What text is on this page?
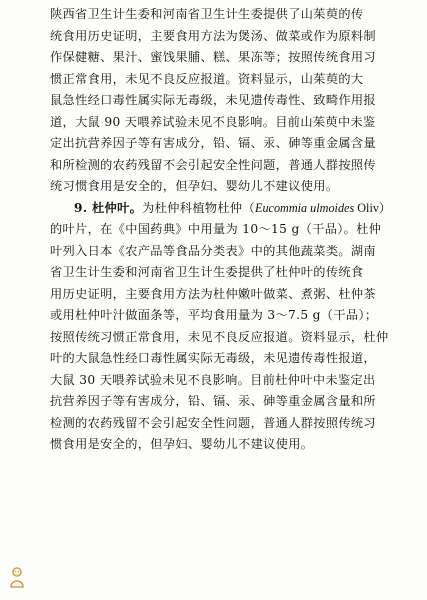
陕西省卫生计生委和河南省卫生计生委提供了山茱萸的传
统食用历史证明，主要食用方法为煲汤、做菜或作为原料制
作保健糖、果汁、蜜饯果脯、糕、果冻等；按照传统食用习
惯正常食用，未见不良反应报道。资料显示，山茱萸的大
鼠急性经口毒性属实际无毒级，未见遗传毒性、致畸作用报
道，大鼠 90 天喂养试验未见不良影响。目前山茱萸中未鉴
定出抗营养因子等有害成分，铅、镉、汞、砷等重金属含量
和所检测的农药残留不会引起安全性问题，普通人群按照传
统习惯食用是安全的，但孕妇、婴幼儿不建议使用。
9. 杜仲叶。为杜仲科植物杜仲（Eucommia ulmoides Oliv）
的叶片，在《中国药典》中用量为 10～15 g（干品）。杜仲
叶列入日本《农产品等食品分类表》中的其他蔬菜类。湖南
省卫生计生委和河南省卫生计生委提供了杜仲叶的传统食
用历史证明，主要食用方法为杜仲嫩叶做菜、煮粥、杜仲茶
或用杜仲叶汁做面条等，平均食用量为 3～7.5 g（干品）；
按照传统习惯正常食用，未见不良反应报道。资料显示，杜仲
叶的大鼠急性经口毒性属实际无毒级，未见遗传毒性报道，
大鼠 30 天喂养试验未见不良影响。目前杜仲叶中未鉴定出
抗营养因子等有害成分，铅、镉、汞、砷等重金属含量和所
检测的农药残留不会引起安全性问题，普通人群按照传统习
惯食用是安全的，但孕妇、婴幼儿不建议使用。
